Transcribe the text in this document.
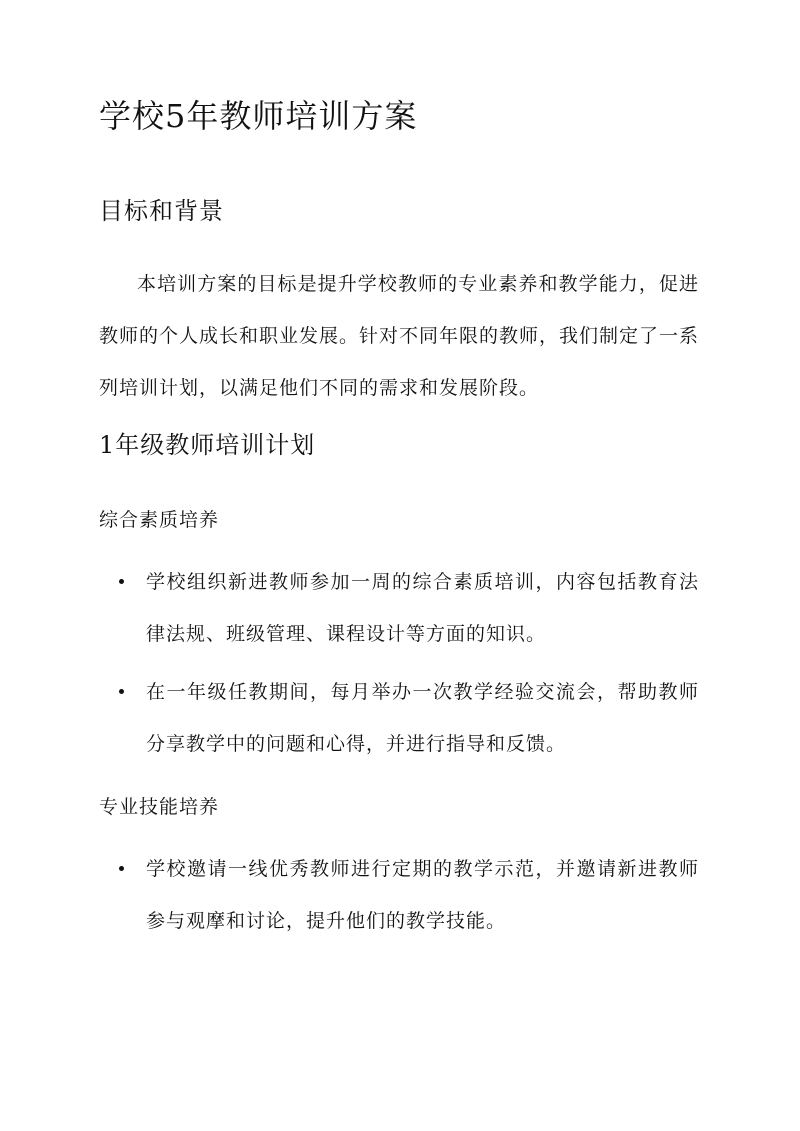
学校5年教师培训方案
目标和背景

本培训方案的目标是提升学校教师的专业素养和教学能力，促进教师的个人成长和职业发展。针对不同年限的教师，我们制定了一系列培训计划，以满足他们不同的需求和发展阶段。

1年级教师培训计划
综合素质培养
学校组织新进教师参加一周的综合素质培训，内容包括教育法律法规、班级管理、课程设计等方面的知识。
在一年级任教期间，每月举办一次教学经验交流会，帮助教师分享教学中的问题和心得，并进行指导和反馈。
专业技能培养
学校邀请一线优秀教师进行定期的教学示范，并邀请新进教师参与观摩和讨论，提升他们的教学技能。
